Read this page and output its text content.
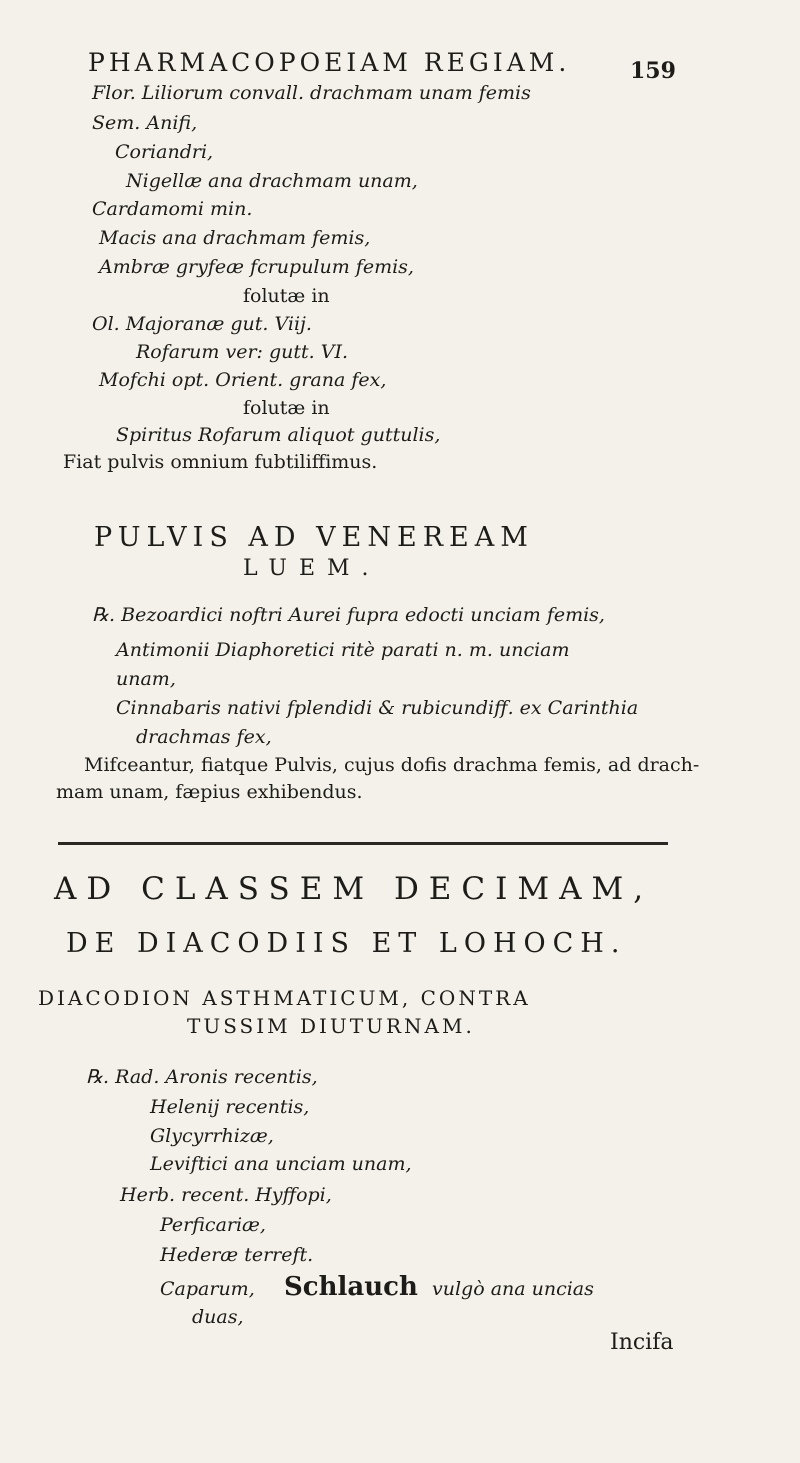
PHARMACOPOEIAM REGIAM.	159
Flor. Liliorum convall. drachmam unam femis
Sem. Anifi,
Coriandri,
Nigellæ ana drachmam unam,
Cardamomi min.
Macis ana drachmam femis,
Ambræ gryfeæ fcrupulum femis,
folutæ in
Ol. Majoranæ gut. Viij.
Rofarum ver: gutt. VI.
Mofchi opt. Orient. grana fex,
folutæ in
Spiritus Rofarum aliquot guttulis,
Fiat pulvis omnium fubtiliffimus.
PULVIS AD VENEREAM
LUEM.
℞. Bezoardici noftri Aurei fupra edocti unciam femis,
Antimonii Diaphoretici ritè parati n. m. unciam
unam,
Cinnabaris nativi fplendidi & rubicundiff. ex Carinthia
drachmas fex,
Mifceantur, fiatque Pulvis, cujus dofis drachma femis, ad drach-
mam unam, fæpius exhibendus.
AD CLASSEM DECIMAM,
DE DIACODIIS ET LOHOCH.
DIACODION ASTHMATICUM, CONTRA
TUSSIM DIUTURNAM.
℞. Rad. Aronis recentis,
Helenij recentis,
Glycyrrhizæ,
Leviftici ana unciam unam,
Herb. recent. Hyffopi,
Perficariæ,
Hederæ terreft.
Caparum, Schlauch vulgò ana uncias
duas,
Incifa
